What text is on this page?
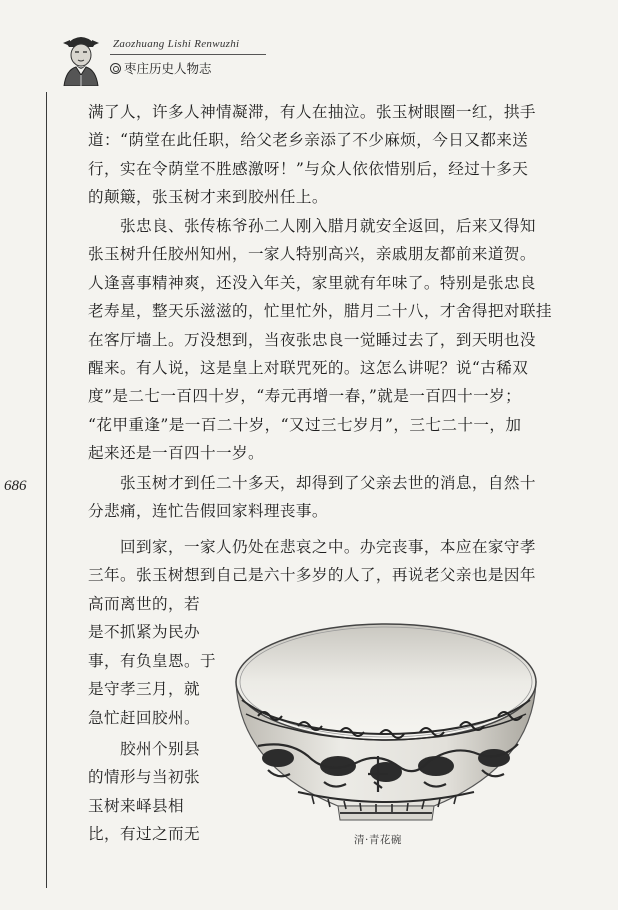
Zaozhuang Lishi Renwuzhi
枣庄历史人物志
满了人，许多人神情凝滞，有人在抽泣。张玉树眼圈一红，拱手
道：“荫堂在此任职，给父老乡亲添了不少麻烦，今日又都来送
行，实在令荫堂不胜感激呀！”与众人依依惜别后，经过十多天
的颠簸，张玉树才来到胶州任上。
　　张忠良、张传栋爷孙二人刚入腊月就安全返回，后来又得知
张玉树升任胶州知州，一家人特别高兴，亲戚朋友都前来道贺。
人逢喜事精神爽，还没入年关，家里就有年味了。特别是张忠良
老寿星，整天乐滋滋的，忙里忙外，腊月二十八，才舍得把对联挂
在客厅墙上。万没想到，当夜张忠良一觉睡过去了，到天明也没
醒来。有人说，这是皇上对联咒死的。这怎么讲呢？说“古稀双
度”是二七一百四十岁，“寿元再增一春，”就是一百四十一岁；
“花甲重逢”是一百二十岁，“又过三七岁月”，三七二十一，加
起来还是一百四十一岁。
686	　　张玉树才到任二十多天，却得到了父亲去世的消息，自然十
分悲痛，连忙告假回家料理丧事。
　　回到家，一家人仍处在悲哀之中。办完丧事，本应在家守孝
三年。张玉树想到自己是六十多岁的人了，再说老父亲也是因年
高而离世的，若
是不抓紧为民办
事，有负皇恩。于
是守孝三月，就
急忙赶回胶州。
　　胶州个别县
的情形与当初张
玉树来峄县相
比，有过之而无	清·青花碗
